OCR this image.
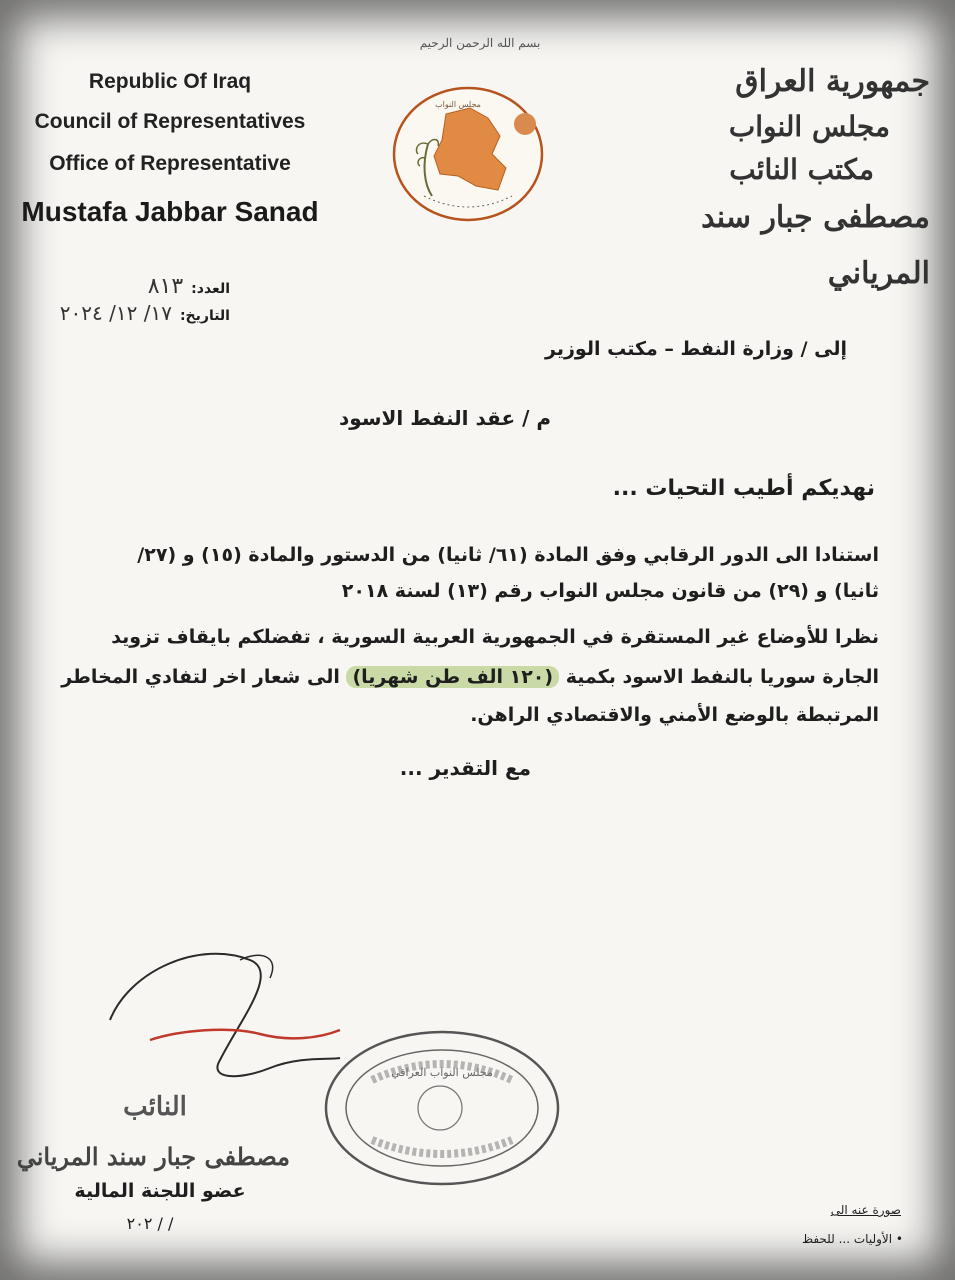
بسم الله الرحمن الرحيم
Republic Of Iraq
Council of Representatives
Office of Representative
Mustafa Jabbar Sanad
مجلس النواب
جمهورية العراق
مجلس النواب
مكتب النائب
مصطفى جبار سند المرياني
العدد:
٨١٣
التاريخ:
١٧/ ١٢/ ٢٠٢٤
إلى / وزارة النفط – مكتب الوزير
م / عقد النفط الاسود
نهديكم أطيب التحيات ...
استنادا الى الدور الرقابي وفق المادة (٦١/ ثانيا) من الدستور والمادة (١٥) و (٢٧/
ثانيا) و (٢٩) من قانون مجلس النواب رقم (١٣) لسنة ٢٠١٨
نظرا للأوضاع غير المستقرة في الجمهورية العربية السورية ، تفضلكم بايقاف تزويد
الجارة سوريا بالنفط الاسود بكمية (١٢٠ الف طن شهريا) الى شعار اخر لتفادي المخاطر
المرتبطة بالوضع الأمني والاقتصادي الراهن.
مع التقدير ...
مجلس النواب العراقي
النائب
مصطفى جبار سند المرياني
عضو اللجنة المالية
/ / ٢٠٢
صورة عنه الى
• الأوليات ... للحفظ
